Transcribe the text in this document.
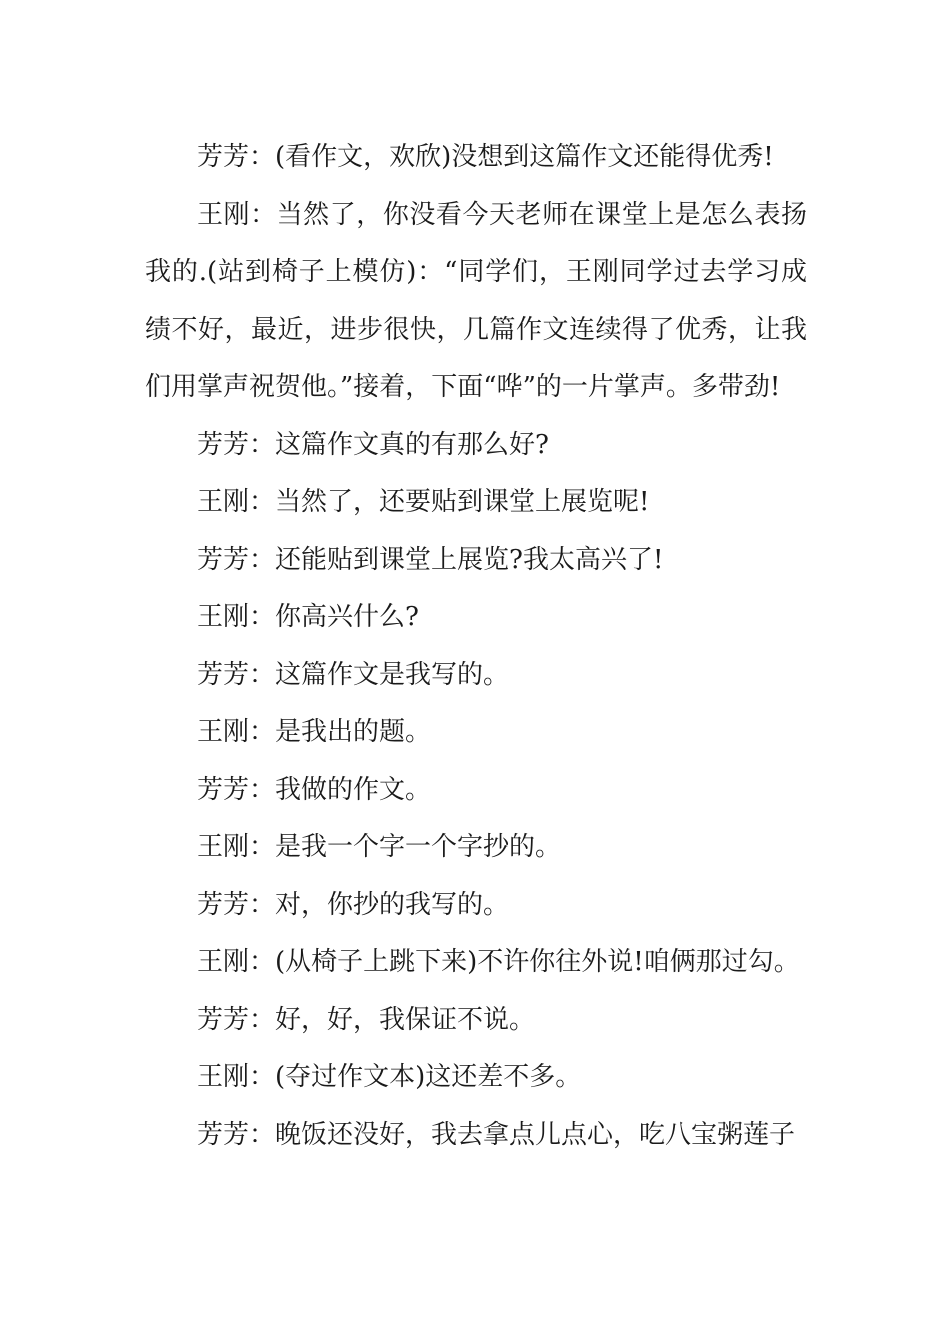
芳芳：(看作文，欢欣)没想到这篇作文还能得优秀!

王刚：当然了，你没看今天老师在课堂上是怎么表扬我的.(站到椅子上模仿)：“同学们，王刚同学过去学习成绩不好，最近，进步很快，几篇作文连续得了优秀，让我们用掌声祝贺他。”接着，下面“哗”的一片掌声。多带劲!

芳芳：这篇作文真的有那么好?

王刚：当然了，还要贴到课堂上展览呢!

芳芳：还能贴到课堂上展览?我太高兴了!

王刚：你高兴什么?

芳芳：这篇作文是我写的。

王刚：是我出的题。

芳芳：我做的作文。

王刚：是我一个字一个字抄的。

芳芳：对，你抄的我写的。

王刚：(从椅子上跳下来)不许你往外说!咱俩那过勾。

芳芳：好，好，我保证不说。

王刚：(夺过作文本)这还差不多。

芳芳：晚饭还没好，我去拿点儿点心，吃八宝粥莲子
